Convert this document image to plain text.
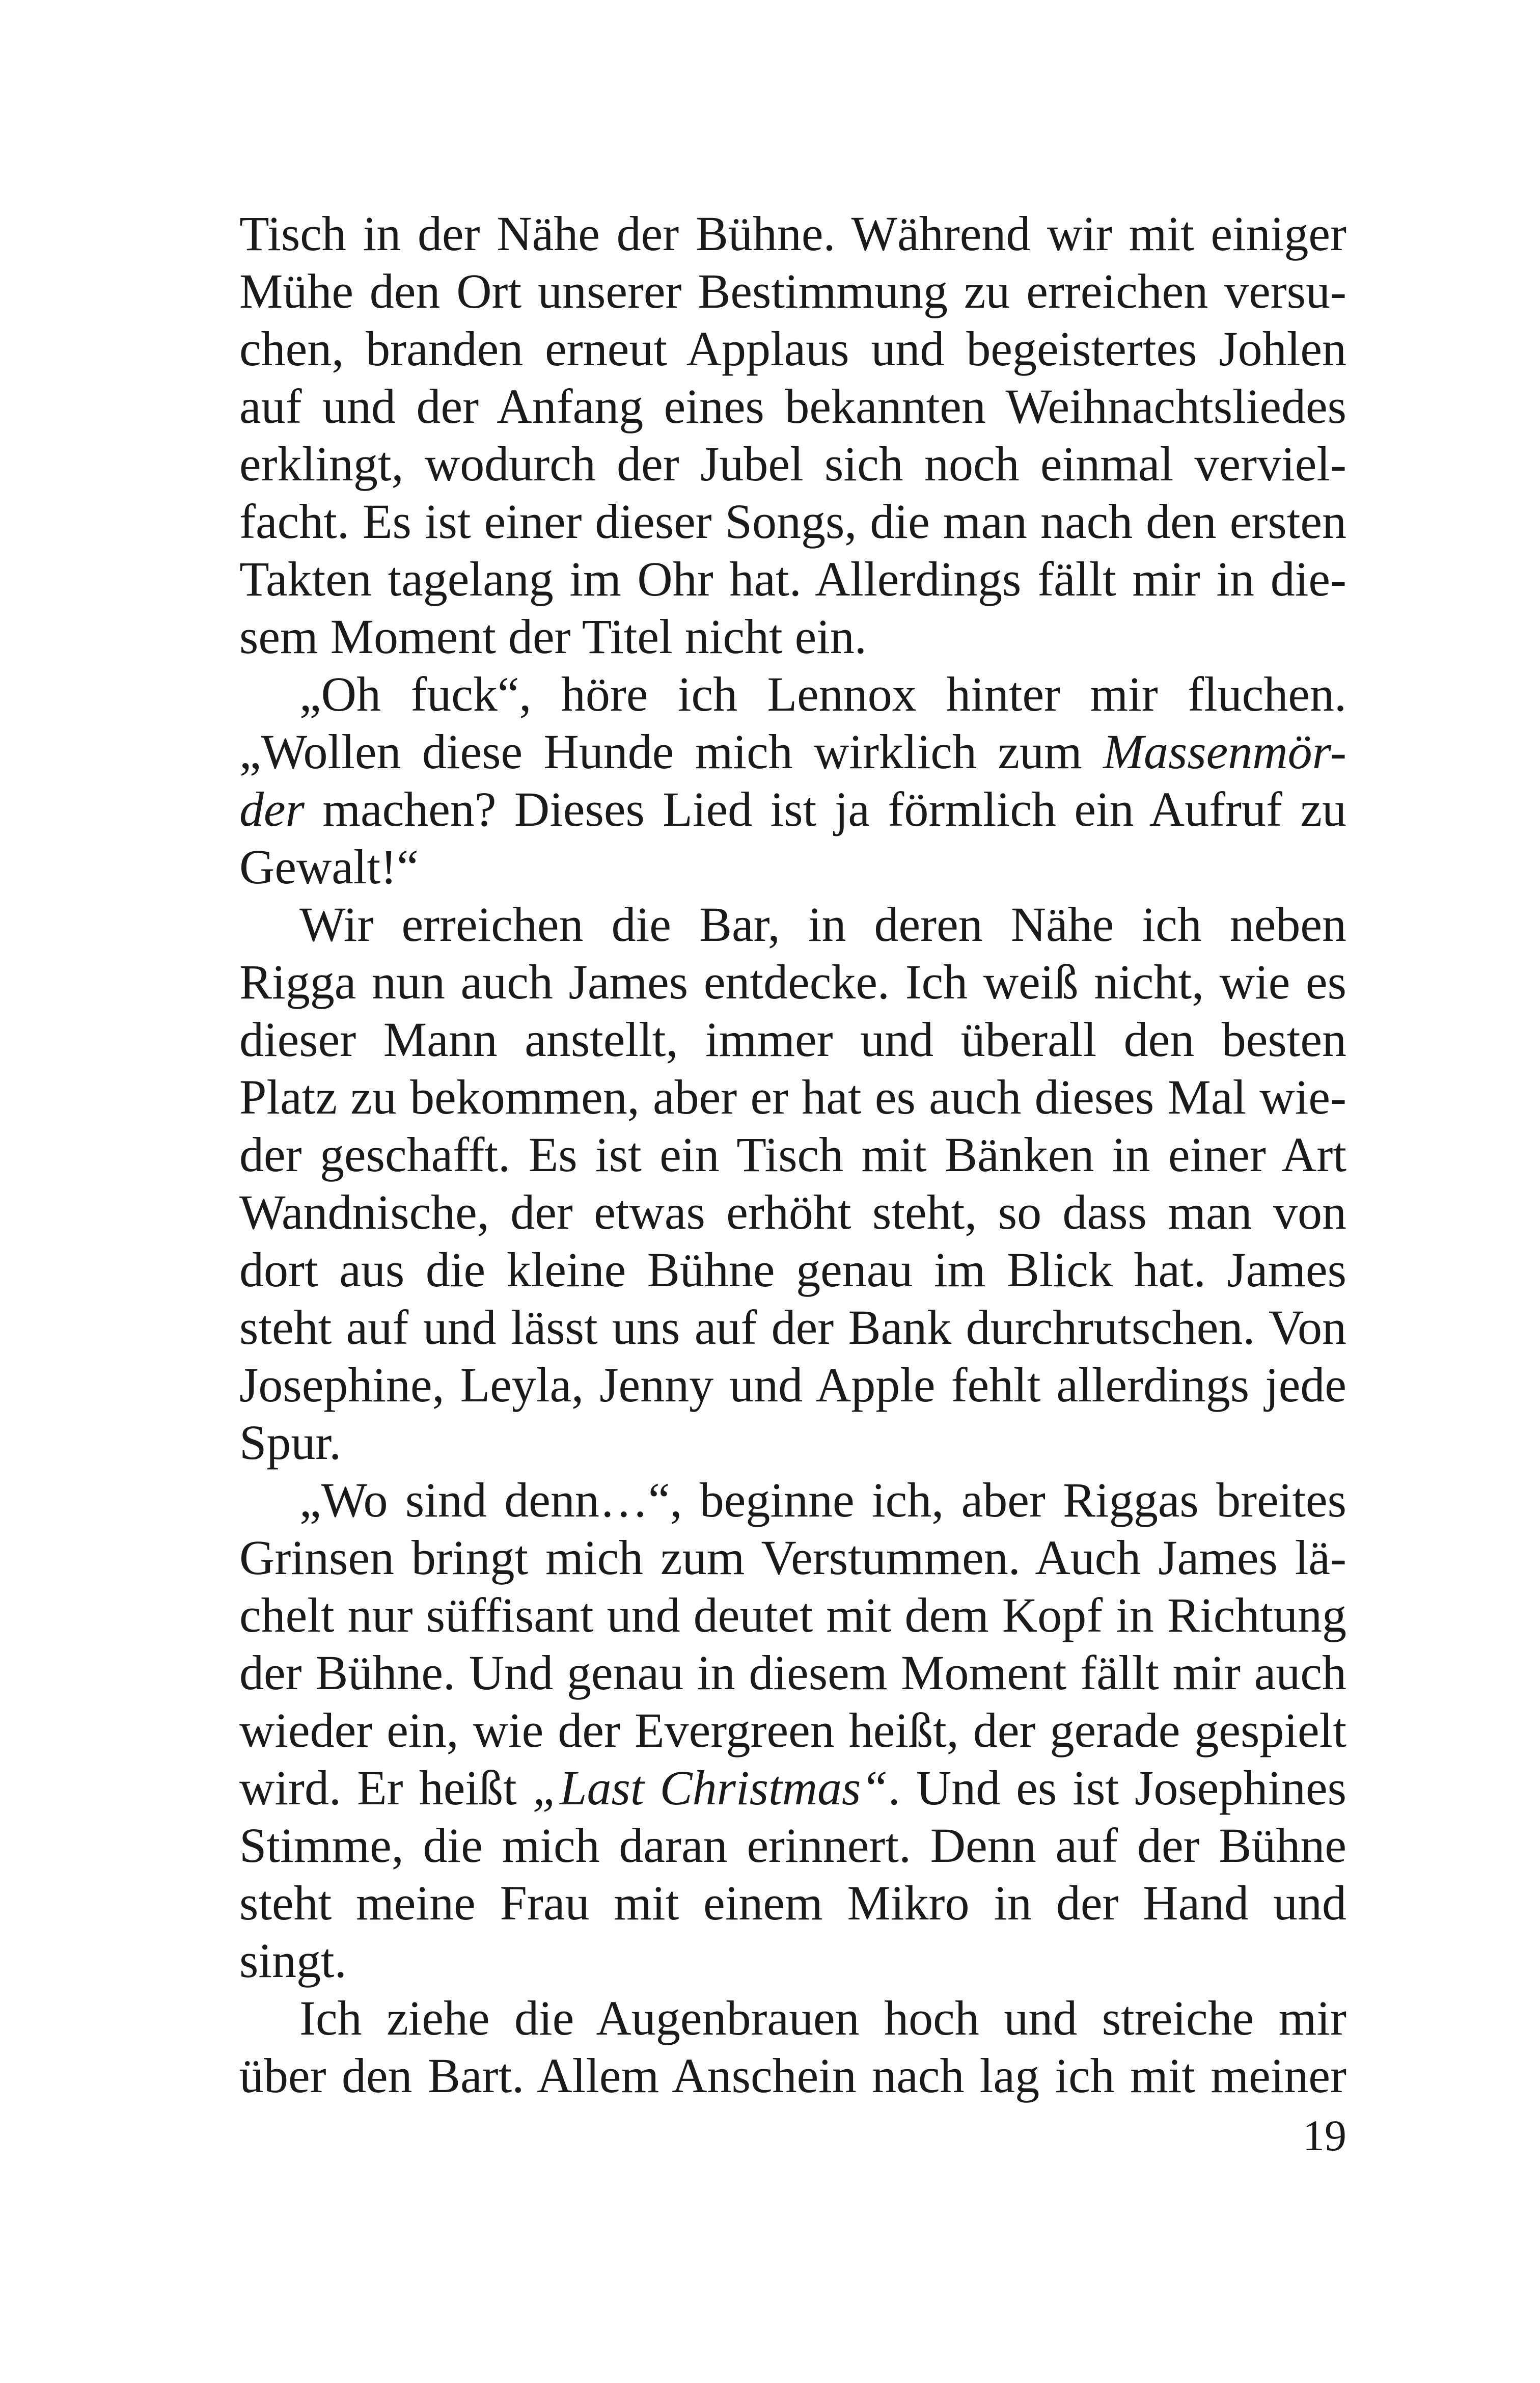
Tisch in der Nähe der Bühne. Während wir mit einiger
Mühe den Ort unserer Bestimmung zu erreichen versu-
chen, branden erneut Applaus und begeistertes Johlen
auf und der Anfang eines bekannten Weihnachtsliedes
erklingt, wodurch der Jubel sich noch einmal verviel-
facht. Es ist einer dieser Songs, die man nach den ersten
Takten tagelang im Ohr hat. Allerdings fällt mir in die-
sem Moment der Titel nicht ein.
„Oh fuck“, höre ich Lennox hinter mir fluchen.
„Wollen diese Hunde mich wirklich zum Massenmör-
der machen? Dieses Lied ist ja förmlich ein Aufruf zu
Gewalt!“
Wir erreichen die Bar, in deren Nähe ich neben
Rigga nun auch James entdecke. Ich weiß nicht, wie es
dieser Mann anstellt, immer und überall den besten
Platz zu bekommen, aber er hat es auch dieses Mal wie-
der geschafft. Es ist ein Tisch mit Bänken in einer Art
Wandnische, der etwas erhöht steht, so dass man von
dort aus die kleine Bühne genau im Blick hat. James
steht auf und lässt uns auf der Bank durchrutschen. Von
Josephine, Leyla, Jenny und Apple fehlt allerdings jede
Spur.
„Wo sind denn…“, beginne ich, aber Riggas breites
Grinsen bringt mich zum Verstummen. Auch James lä-
chelt nur süffisant und deutet mit dem Kopf in Richtung
der Bühne. Und genau in diesem Moment fällt mir auch
wieder ein, wie der Evergreen heißt, der gerade gespielt
wird. Er heißt „Last Christmas“. Und es ist Josephines
Stimme, die mich daran erinnert. Denn auf der Bühne
steht meine Frau mit einem Mikro in der Hand und
singt.
Ich ziehe die Augenbrauen hoch und streiche mir
über den Bart. Allem Anschein nach lag ich mit meiner
19
